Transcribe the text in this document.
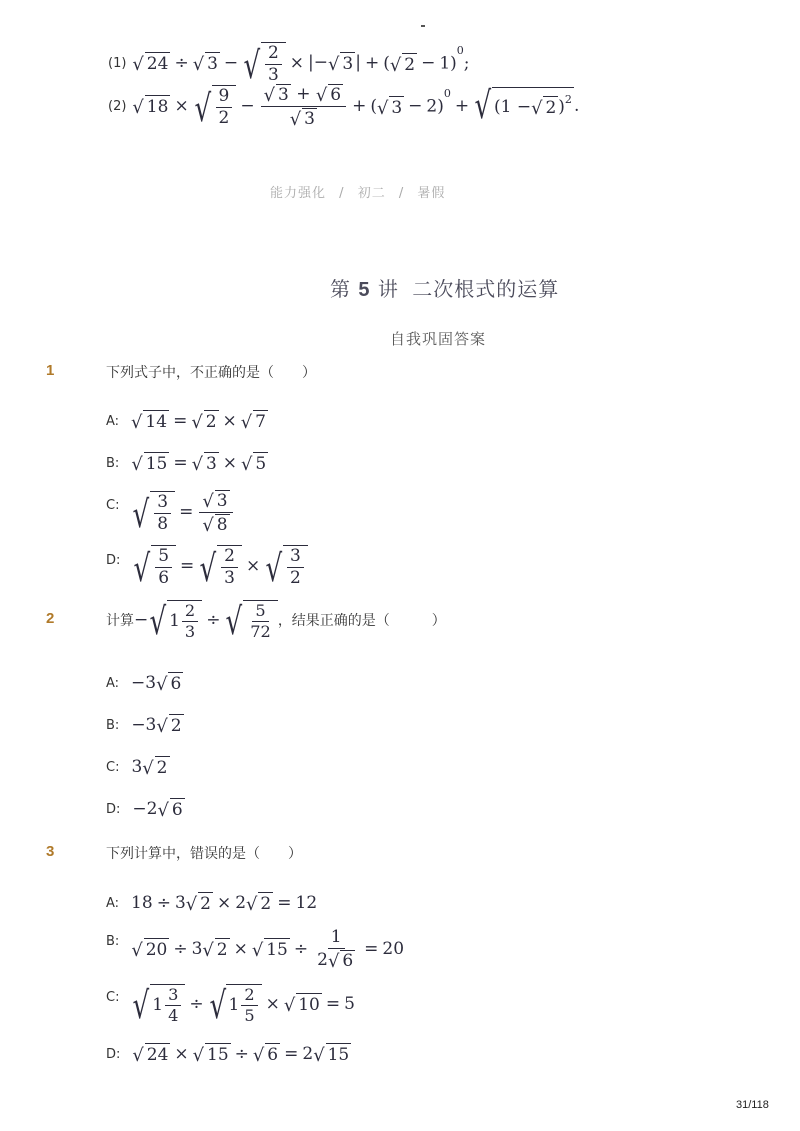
(1) √ 24 ÷ √ 3 − √ $\frac{2}{3}$ × |− √ 3 | + ( √ 2 − 1)$^0$;
(2) √ 18 × √ $\frac{9}{2} - \frac{√ 3 + √ 6}{√ 3}$ + ( √ 3 − 2)$^0$
+ √ (1 − √ 2 ) 2 .
能力强化 / 初二 / 暑假
第 5 讲 二次根式的运算
自我巩固答案
1	下列式子中，不正确的是（　　）
A: √ 14 = √ 2 × √ 7
B: √ 15 = √ 3 × √ 5
C: √ $\frac{3}{8} = \frac{√ 3}{√ 8}$
D: √ $\frac{5}{6}$ = √ $\frac{2}{3}$ × √ $\frac{3}{2}$
2	计算 − √ $1 \frac{2}{3}$ ÷ √ $\frac{5}{72}$ ，结果正确的是（　　　）
A: −3 √ 6
B: −3 √ 2
C: 3 √ 2
D: −2 √ 6
3	下列计算中，错误的是（　　）
A: 18 ÷ 3 √ 2 × 2 √ 2 = 12
B: √ 20 ÷ 3 √ 2 × √ $15 \div \frac{1}{2 √ 6} = 20$
C: √ $1 \frac{3}{4}$ ÷ √ $1 \frac{2}{5}$ × √ 10 = 5
D: √ 24 × √ 15 ÷ √ 6 = 2 √ 15
31/118
